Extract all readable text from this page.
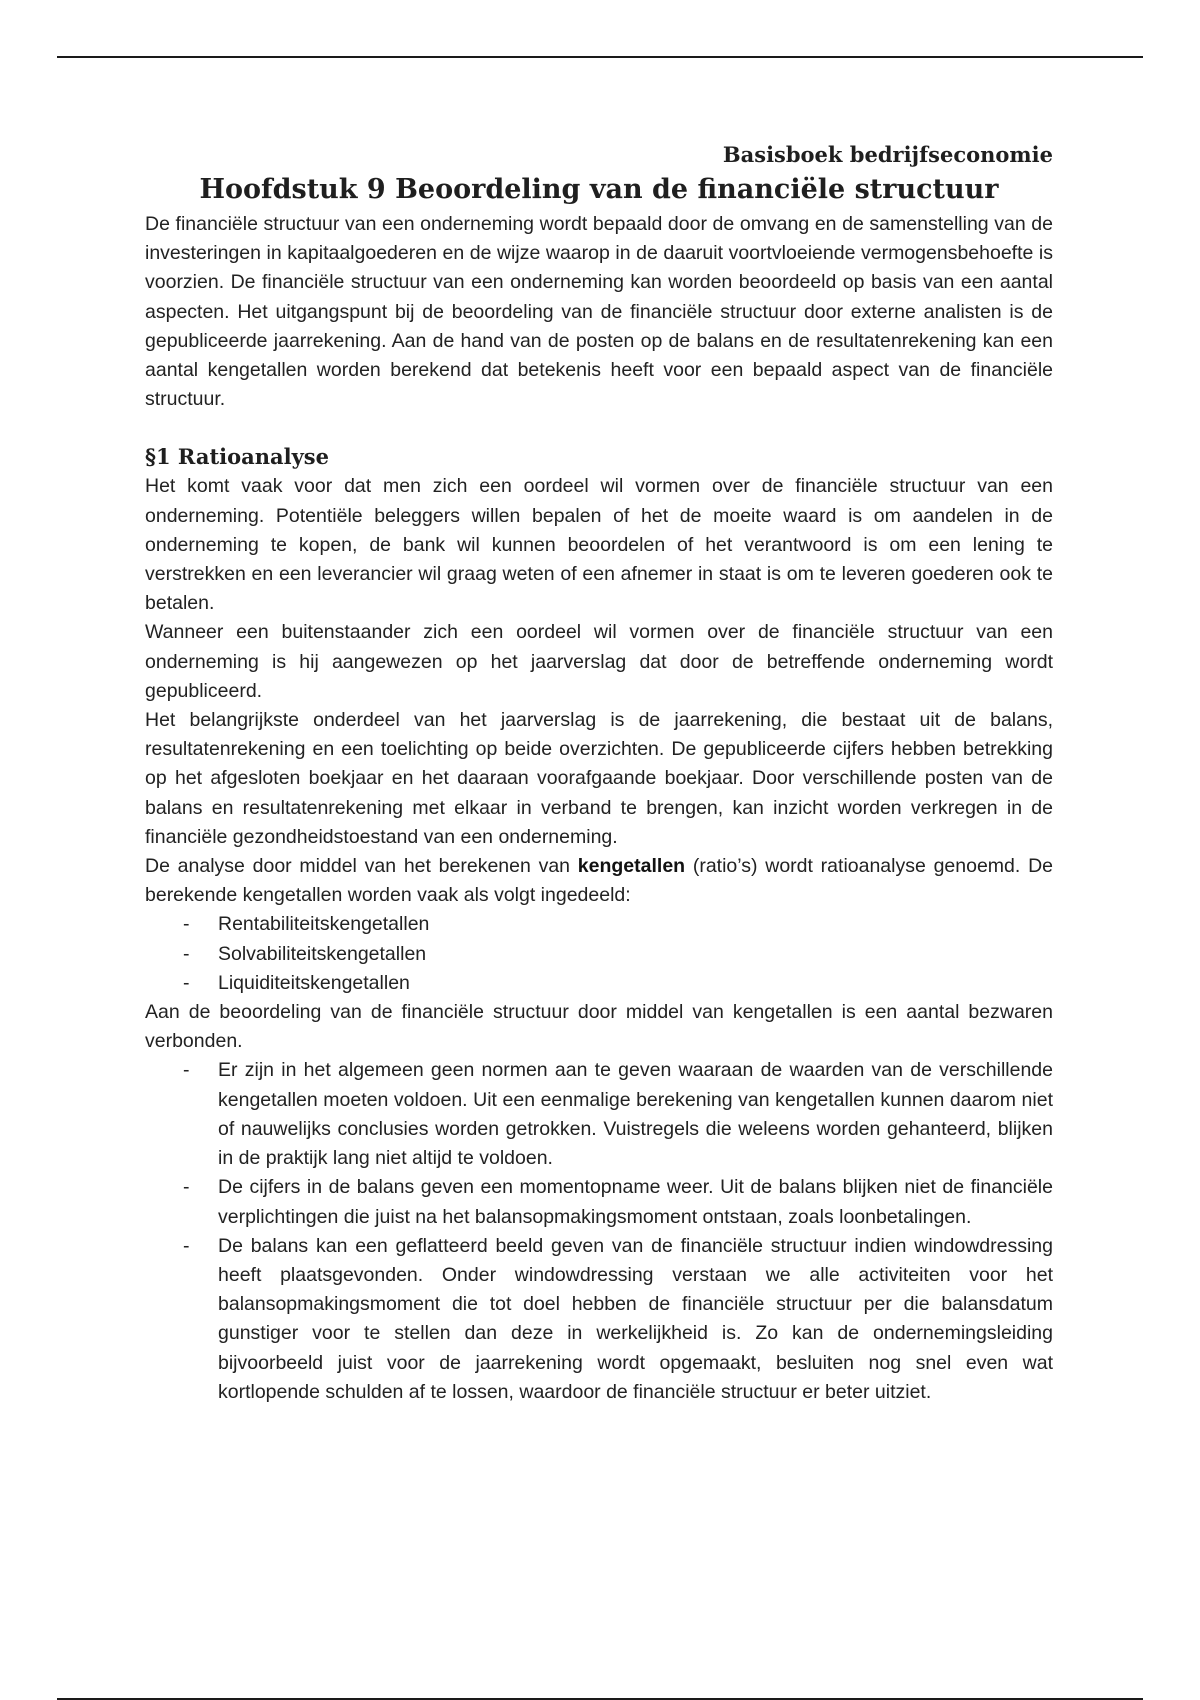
Basisboek bedrijfseconomie
Hoofdstuk 9 Beoordeling van de financiële structuur

De financiële structuur van een onderneming wordt bepaald door de omvang en de samenstelling van de investeringen in kapitaalgoederen en de wijze waarop in de daaruit voortvloeiende vermogensbehoefte is voorzien. De financiële structuur van een onderneming kan worden beoordeeld op basis van een aantal aspecten. Het uitgangspunt bij de beoordeling van de financiële structuur door externe analisten is de gepubliceerde jaarrekening. Aan de hand van de posten op de balans en de resultatenrekening kan een aantal kengetallen worden berekend dat betekenis heeft voor een bepaald aspect van de financiële structuur.

§1 Ratioanalyse

Het komt vaak voor dat men zich een oordeel wil vormen over de financiële structuur van een onderneming. Potentiële beleggers willen bepalen of het de moeite waard is om aandelen in de onderneming te kopen, de bank wil kunnen beoordelen of het verantwoord is om een lening te verstrekken en een leverancier wil graag weten of een afnemer in staat is om te leveren goederen ook te betalen.

Wanneer een buitenstaander zich een oordeel wil vormen over de financiële structuur van een onderneming is hij aangewezen op het jaarverslag dat door de betreffende onderneming wordt gepubliceerd.

Het belangrijkste onderdeel van het jaarverslag is de jaarrekening, die bestaat uit de balans, resultatenrekening en een toelichting op beide overzichten. De gepubliceerde cijfers hebben betrekking op het afgesloten boekjaar en het daaraan voorafgaande boekjaar. Door verschillende posten van de balans en resultatenrekening met elkaar in verband te brengen, kan inzicht worden verkregen in de financiële gezondheidstoestand van een onderneming.

De analyse door middel van het berekenen van kengetallen (ratio’s) wordt ratioanalyse genoemd. De berekende kengetallen worden vaak als volgt ingedeeld:

- Rentabiliteitskengetallen
- Solvabiliteitskengetallen
- Liquiditeitskengetallen

Aan de beoordeling van de financiële structuur door middel van kengetallen is een aantal bezwaren verbonden.

- Er zijn in het algemeen geen normen aan te geven waaraan de waarden van de verschillende kengetallen moeten voldoen. Uit een eenmalige berekening van kengetallen kunnen daarom niet of nauwelijks conclusies worden getrokken. Vuistregels die weleens worden gehanteerd, blijken in de praktijk lang niet altijd te voldoen.
- De cijfers in de balans geven een momentopname weer. Uit de balans blijken niet de financiële verplichtingen die juist na het balansopmakingsmoment ontstaan, zoals loonbetalingen.
- De balans kan een geflatteerd beeld geven van de financiële structuur indien windowdressing heeft plaatsgevonden. Onder windowdressing verstaan we alle activiteiten voor het balansopmakingsmoment die tot doel hebben de financiële structuur per die balansdatum gunstiger voor te stellen dan deze in werkelijkheid is. Zo kan de ondernemingsleiding bijvoorbeeld juist voor de jaarrekening wordt opgemaakt, besluiten nog snel even wat kortlopende schulden af te lossen, waardoor de financiële structuur er beter uitziet.
